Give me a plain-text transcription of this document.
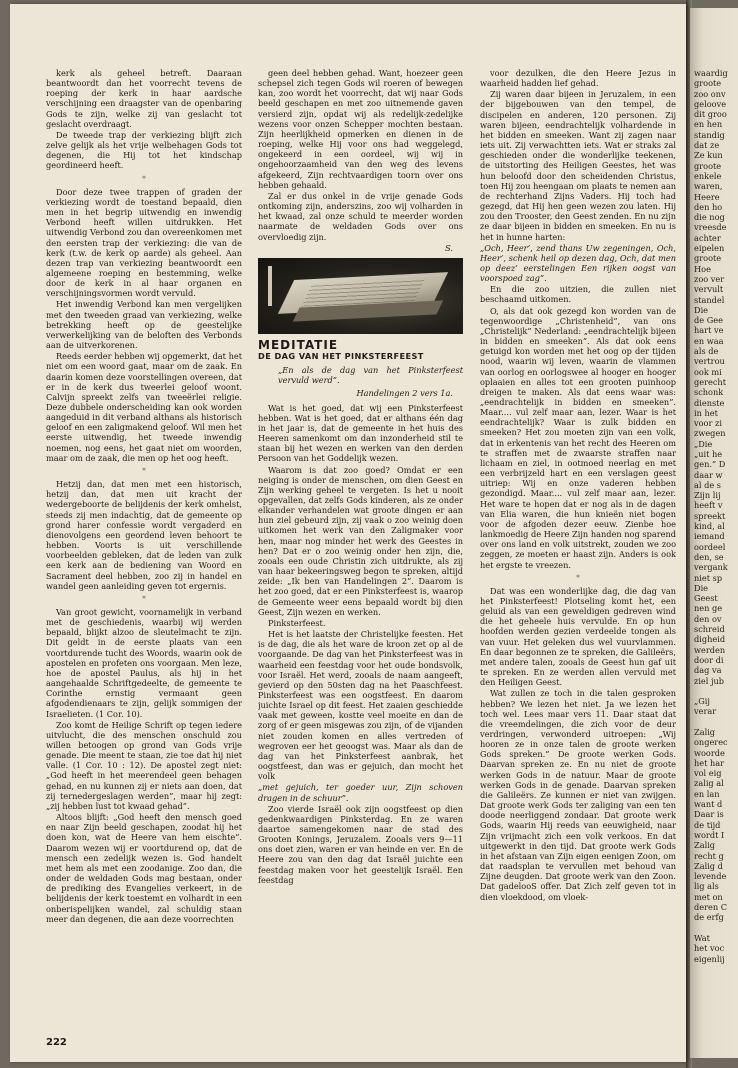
waardig
groote
zoo onv
geloove
dit groo
en hen
standig
dat ze
Ze kun
groote
enkele
waren,
Heere
den ho
die nog
vreesde
achter
eipelen
groote
Hoe
zoo ver
vervult
standel
Die
de Gee
hart ve
en waa
als de
vertrou
ook mi
gerecht
schonk
dienste
in het
voor zi
zwegen
„Die
„uit he
gen.” D
daar w
al de s
Zijn lij
heeft v
spreekt
kind, al
iemand
oordeel
den, se
vergank
niet sp
Die
Geest
nen ge
den ov
schreid
digheid
werden
door di
dag va
ziel jub

„Gij
verar

Zalig
ongerec
woorde
het har
vol eig
zalig al
en lan
want d
Daar is
de tijd
wordt I
Zalig
recht g
Zalig d
levende
lig als
met on
deren C
de erfg

Wat
het voc
eigenlij

kerk als geheel betreft. Daaraan beantwoordt dan het voorrecht tevens de roeping der kerk in haar aardsche verschijning een draagster van de openbaring Gods te zijn, welke zij van geslacht tot geslacht overdraagt.

De tweede trap der verkiezing blijft zich zelve gelijk als het vrije welbehagen Gods tot degenen, die Hij tot het kindschap geordineerd heeft.

*

Door deze twee trappen of graden der verkiezing wordt de toestand bepaald, dien men in het begrip uitwendig en inwendig Verbond heeft willen uitdrukken. Het uitwendig Verbond zou dan overeenkomen met den eersten trap der verkiezing: die van de kerk (t.w. de kerk op aarde) als geheel. Aan dezen trap van verkiezing beantwoordt een algemeene roeping en bestemming, welke door de kerk in al haar organen en verschijningsvormen wordt vervuld.

Het inwendig Verbond kan men vergelijken met den tweeden graad van verkiezing, welke betrekking heeft op de geestelijke verwerkelijking van de beloften des Verbonds aan de uitverkorenen.

Reeds eerder hebben wij opgemerkt, dat het niet om een woord gaat, maar om de zaak. En daarin komen deze voorstellingen overeen, dat er in de kerk dus tweerlei geloof woont. Calvijn spreekt zelfs van tweeërlei religie. Deze dubbele onderscheiding kan ook worden aangeduid in dit verband althans als historisch geloof en een zaligmakend geloof. Wil men het eerste uitwendig, het tweede inwendig noemen, nog eens, het gaat niet om woorden, maar om de zaak, die men op het oog heeft.

*

Hetzij dan, dat men met een historisch, hetzij dan, dat men uit kracht der wedergeboorte de belijdenis der kerk omhelst, steeds zij men indachtig, dat de gemeente op grond harer confessie wordt vergaderd en dienovolgens een geordend leven behoort te hebben. Voorts is uit verschillende voorbeelden gebleken, dat de leden van zulk een kerk aan de bediening van Woord en Sacrament deel hebben, zoo zij in handel en wandel geen aanleiding geven tot ergernis.

*

Van groot gewicht, voornamelijk in verband met de geschiedenis, waarbij wij werden bepaald, blijkt alzoo de sleutelmacht te zijn. Dit geldt in de eerste plaats van een voortdurende tucht des Woords, waarin ook de apostelen en profeten ons voorgaan. Men leze, hoe de apostel Paulus, als hij in het aangehaalde Schriftgedeelte, de gemeente te Corinthe ernstig vermaant geen afgodendienaars te zijn, gelijk sommigen der Israelieten. (1 Cor. 10).

Zoo komt de Heilige Schrift op tegen iedere uitvlucht, die des menschen onschuld zou willen betoogen op grond van Gods vrije genade. Die meent te staan, zie toe dat hij niet valle. (1 Cor. 10 : 12). De apostel zegt niet: „God heeft in het meerendeel geen behagen gehad, en nu kunnen zij er niets aan doen, dat zij ternedergeslagen werden”, maar hij zegt: „zij hebben lust tot kwaad gehad”.

Altoos blijft: „God heeft den mensch goed en naar Zijn beeld geschapen, zoodat hij het doen kon, wat de Heere van hem eischte”. Daarom wezen wij er voortdurend op, dat de mensch een zedelijk wezen is. God handelt met hem als met een zoodanige. Zoo dan, die onder de weldaden Gods mag bestaan, onder de prediking des Evangelies verkeert, in de belijdenis der kerk toestemt en volhardt in een onberispelijken wandel, zal schuldig staan meer dan degenen, die aan deze voorrechten

geen deel hebben gehad. Want, hoezeer geen schepsel zich tegen Gods wil roeren of bewegen kan, zoo wordt het voorrecht, dat wij naar Gods beeld geschapen en met zoo uitnemende gaven versierd zijn, opdat wij als redelijk-zedelijke wezens voor onzen Schepper mochten bestaan. Zijn heerlijkheid opmerken en dienen in de roeping, welke Hij voor ons had weggelegd, ongekeerd in een oordeel, wij wij in ongehoorzaamheid van den weg des levens afgekeerd, Zijn rechtvaardigen toorn over ons hebben gehaald.

Zal er dus onkel in de vrije genade Gods ontkoming zijn, anderszins, zoo wij volharden in het kwaad, zal onze schuld te meerder worden naarmate de weldaden Gods over ons overvloedig zijn.

S.
MEDITATIE
DE DAG VAN HET PINKSTERFEEST
„En als de dag van het Pinksterfeest vervuld werd”.
Handelingen 2 vers 1a.

Wat is het goed, dat wij een Pinksterfeest hebben. Wat is het goed, dat er althans één dag in het jaar is, dat de gemeente in het huis des Heeren samenkomt om dan inzonderheid stil te staan bij het wezen en werken van den derden Persoon van het Goddelijk wezen.

Waarom is dat zoo goed? Omdat er een neiging is onder de menschen, om dien Geest en Zijn werking geheel te vergeten. Is het u nooit opgevallen, dat zelfs Gods kinderen, als ze onder elkander verhandelen wat groote dingen er aan hun ziel gebeurd zijn, zij vaak o zoo weinig doen uitkomen het werk van den Zaligmaker voor hen, maar nog minder het werk des Geestes in hen? Dat er o zoo weinig onder hen zijn, die, zooals een oude Christin zich uitdrukte, als zij van haar bekeeringsweg begon te spreken, altijd zeide: „Ik ben van Handelingen 2”. Daarom is het zoo goed, dat er een Pinksterfeest is, waarop de Gemeente weer eens bepaald wordt bij dien Geest, Zijn wezen en werken.

Pinksterfeest.

Het is het laatste der Christelijke feesten. Het is de dag, die als het ware de kroon zet op al de voorgaande. De dag van het Pinksterfeest was in waarheid een feestdag voor het oude bondsvolk, voor Israël. Het werd, zooals de naam aangeeft, gevierd op den 50sten dag na het Paaschfeest. Pinksterfeest was een oogstfeest. En daarom juichte Israel op dit feest. Het zaaien geschiedde vaak met geween, kostte veel moeite en dan de zorg of er geen misgewas zou zijn, of de vijanden niet zouden komen en alles vertreden of wegroven eer het geoogst was. Maar als dan de dag van het Pinksterfeest aanbrak, het oogstfeest, dan was er gejuich, dan mocht het volk

„met gejuich, ter goeder uur, Zijn schoven dragen in de schuur”.

Zoo vierde Israël ook zijn oogstfeest op dien gedenkwaardigen Pinksterdag. En ze waren daartoe samengekomen naar de stad des Grooten Konings, Jeruzalem. Zooals vers 9—11 ons doet zien, waren er van heinde en ver. En de Heere zou van den dag dat Israël juichte een feestdag maken voor het geestelijk Israël. Een feestdag

voor dezulken, die den Heere Jezus in waarheid hadden lief gehad.

Zij waren daar bijeen in Jeruzalem, in een der bijgebouwen van den tempel, de discipelen en anderen, 120 personen. Zij waren bijeen, eendrachtelijk volhardende in het bidden en smeeken. Want zij zagen naar iets uit. Zij verwachtten iets. Wat er straks zal geschieden onder die wonderlijke teekenen, de uitstorting des Heiligen Geestes, het was hun beloofd door den scheidenden Christus, toen Hij zou heengaan om plaats te nemen aan de rechterhand Zijns Vaders. Hij toch had gezegd, dat Hij hen geen wezen zou laten. Hij zou den Trooster, den Geest zenden. En nu zijn ze daar bijeen in bidden en smeeken. En nu is het in hunne harten:

„Och, Heer’, zend thans Uw zegeningen, Och, Heer’, schenk heil op dezen dag, Och, dat men op deez’ eerstelingen Een rijken oogst van voorspoed zag”.

En die zoo uitzien, die zullen niet beschaamd uitkomen.

O, als dat ook gezegd kon worden van de tegenwoordige „Christenheid”, van ons „Christelijk” Nederland: „eendrachtelijk bijeen in bidden en smeeken”. Als dat ook eens getuigd kon worden met het oog op der tijden nood, waarin wij leven, waarin de vlammen van oorlog en oorlogswee al hooger en hooger oplaaien en alles tot een grooten puinhoop dreigen te maken. Als dat eens waar was: „eendrachtelijk in bidden en smeeken”. Maar.... vul zelf maar aan, lezer. Waar is het eendrachtelijk? Waar is zulk bidden en smeeken? Het zou moeten zijn van een volk, dat in erkentenis van het recht des Heeren om te straffen met de zwaarste straffen naar lichaam en ziel, in ootmoed neerlag en met een verbrijzeld hart en een verslagen geest uitriep: Wij en onze vaderen hebben gezondigd. Maar.... vul zelf maar aan, lezer. Het ware te hopen dat er nog als in de dagen van Elia waren, die hun knieën niet bogen voor de afgoden dezer eeuw. Zienbe hoe lankmoedig de Heere Zijn handen nog sparend over ons land en volk uitstrekt, zouden we zoo zeggen, ze moeten er haast zijn. Anders is ook het ergste te vreezen.

*

Dat was een wonderlijke dag, die dag van het Pinksterfeest! Plotseling komt het, een geluid als van een geweldigen gedreven wind die het geheele huis vervulde. En op hun hoofden werden gezien verdeelde tongen als van vuur. Het geleken dus wel vuurvlammen. En daar begonnen ze te spreken, die Galileërs, met andere talen, zooals de Geest hun gaf uit te spreken. En ze werden allen vervuld met den Heiligen Geest.

Wat zullen ze toch in die talen gesproken hebben? We lezen het niet. Ja we lezen het toch wel. Lees maar vers 11. Daar staat dat die vreemdelingen, die zich voor de deur verdringen, verwonderd uitroepen: „Wij hooren ze in onze talen de groote werken Gods spreken.” De groote werken Gods. Daarvan spreken ze. En nu niet de groote werken Gods in de natuur. Maar de groote werken Gods in de genade. Daarvan spreken die Galileërs. Ze kunnen er niet van zwijgen. Dat groote werk Gods ter zaliging van een ten doode neerliggend zondaar. Dat groote werk Gods, waarin Hij reeds van eeuwigheid, naar Zijn vrijmacht zich een volk verkoos. En dat uitgewerkt in den tijd. Dat groote werk Gods in het afstaan van Zijn eigen eenigen Zoon, om dat raadsplan te vervullen met behoud van Zijne deugden. Dat groote werk van den Zoon. Dat gadelooS offer. Dat Zich zelf geven tot in dien vloekdood, om vloek-

222
